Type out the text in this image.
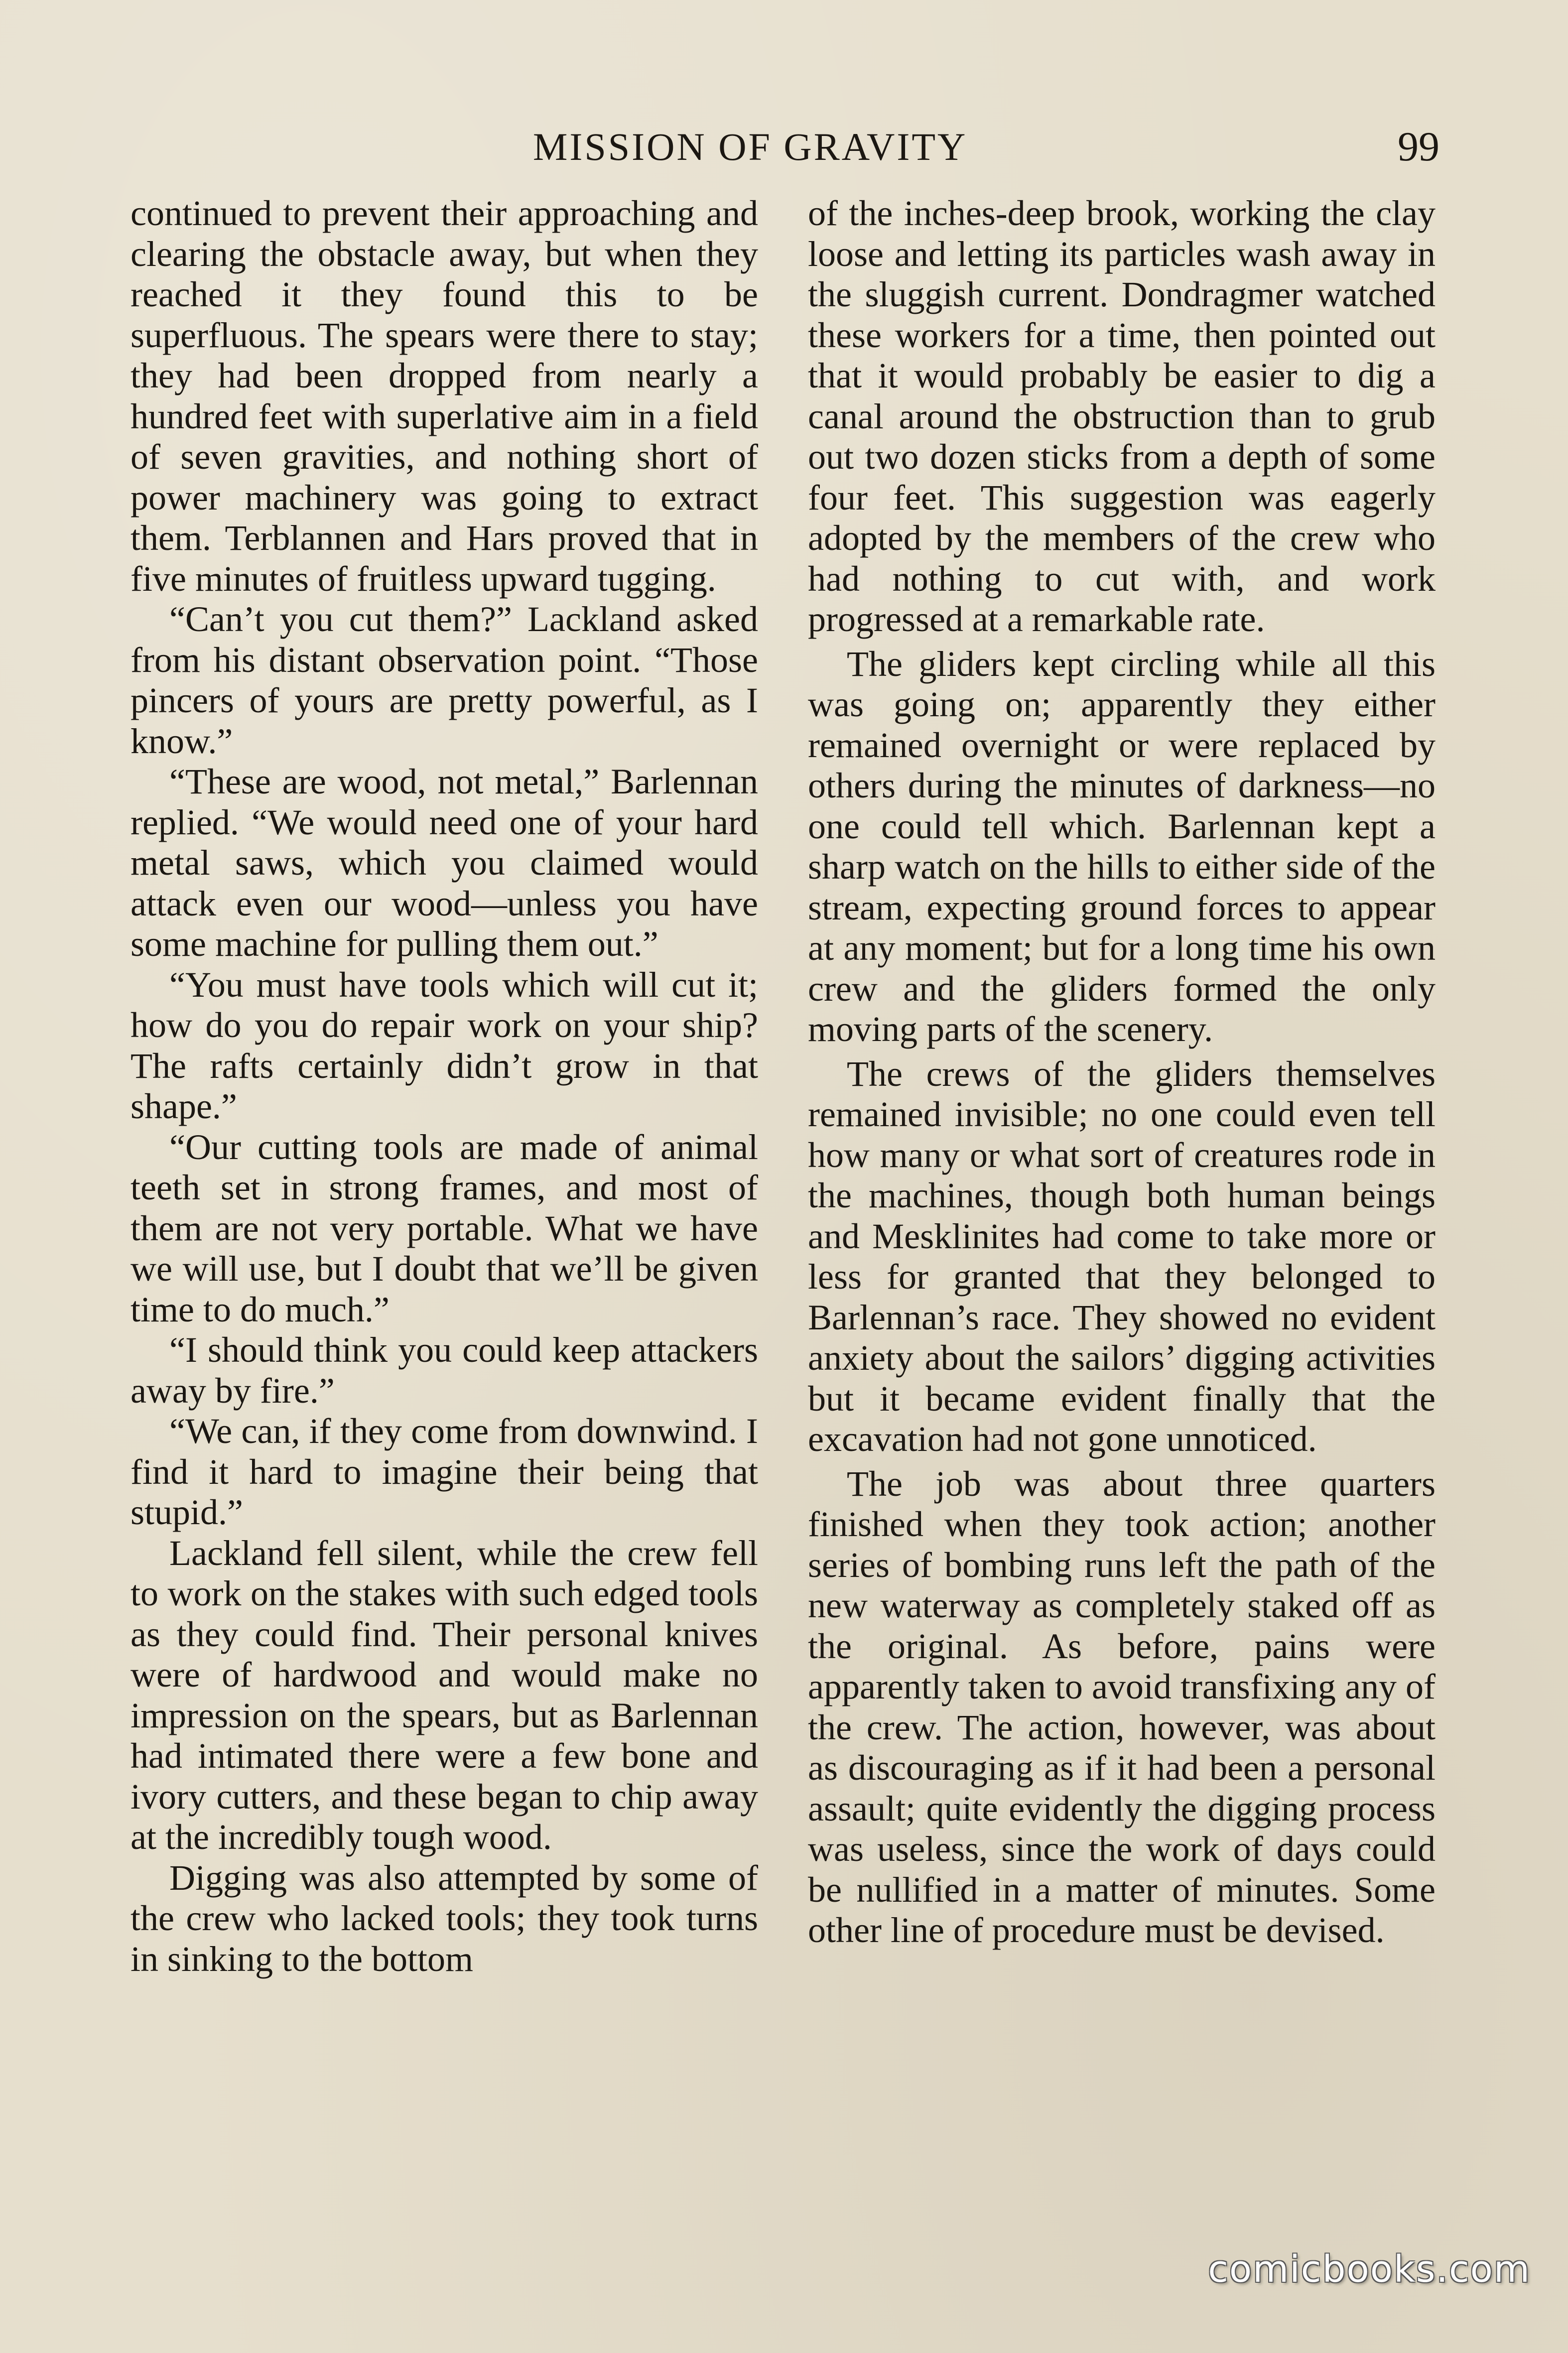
MISSION OF GRAVITY	99

continued to prevent their approaching and clearing the obstacle away, but when they reached it they found this to be superfluous. The spears were there to stay; they had been dropped from nearly a hundred feet with superlative aim in a field of seven gravities, and nothing short of power machinery was going to extract them. Terblannen and Hars proved that in five minutes of fruitless upward tugging.

“Can’t you cut them?” Lackland asked from his distant observation point. “Those pincers of yours are pretty powerful, as I know.”

“These are wood, not metal,” Barlennan replied. “We would need one of your hard metal saws, which you claimed would attack even our wood—unless you have some machine for pulling them out.”

“You must have tools which will cut it; how do you do repair work on your ship? The rafts certainly didn’t grow in that shape.”

“Our cutting tools are made of animal teeth set in strong frames, and most of them are not very portable. What we have we will use, but I doubt that we’ll be given time to do much.”

“I should think you could keep attackers away by fire.”

“We can, if they come from downwind. I find it hard to imagine their being that stupid.”

Lackland fell silent, while the crew fell to work on the stakes with such edged tools as they could find. Their personal knives were of hardwood and would make no impression on the spears, but as Barlennan had intimated there were a few bone and ivory cutters, and these began to chip away at the incredibly tough wood.

Digging was also attempted by some of the crew who lacked tools; they took turns in sinking to the bottom

of the inches-deep brook, working the clay loose and letting its particles wash away in the sluggish current. Dondragmer watched these workers for a time, then pointed out that it would probably be easier to dig a canal around the obstruction than to grub out two dozen sticks from a depth of some four feet. This suggestion was eagerly adopted by the members of the crew who had nothing to cut with, and work progressed at a remarkable rate.

The gliders kept circling while all this was going on; apparently they either remained overnight or were replaced by others during the minutes of darkness—no one could tell which. Barlennan kept a sharp watch on the hills to either side of the stream, expecting ground forces to appear at any moment; but for a long time his own crew and the gliders formed the only moving parts of the scenery.

The crews of the gliders themselves remained invisible; no one could even tell how many or what sort of creatures rode in the machines, though both human beings and Mesklinites had come to take more or less for granted that they belonged to Barlennan’s race. They showed no evident anxiety about the sailors’ digging activities but it became evident finally that the excavation had not gone unnoticed.

The job was about three quarters finished when they took action; another series of bombing runs left the path of the new waterway as completely staked off as the original. As before, pains were apparently taken to avoid transfixing any of the crew. The action, however, was about as discouraging as if it had been a personal assault; quite evidently the digging process was useless, since the work of days could be nullified in a matter of minutes. Some other line of procedure must be devised.

comicbooks.com
